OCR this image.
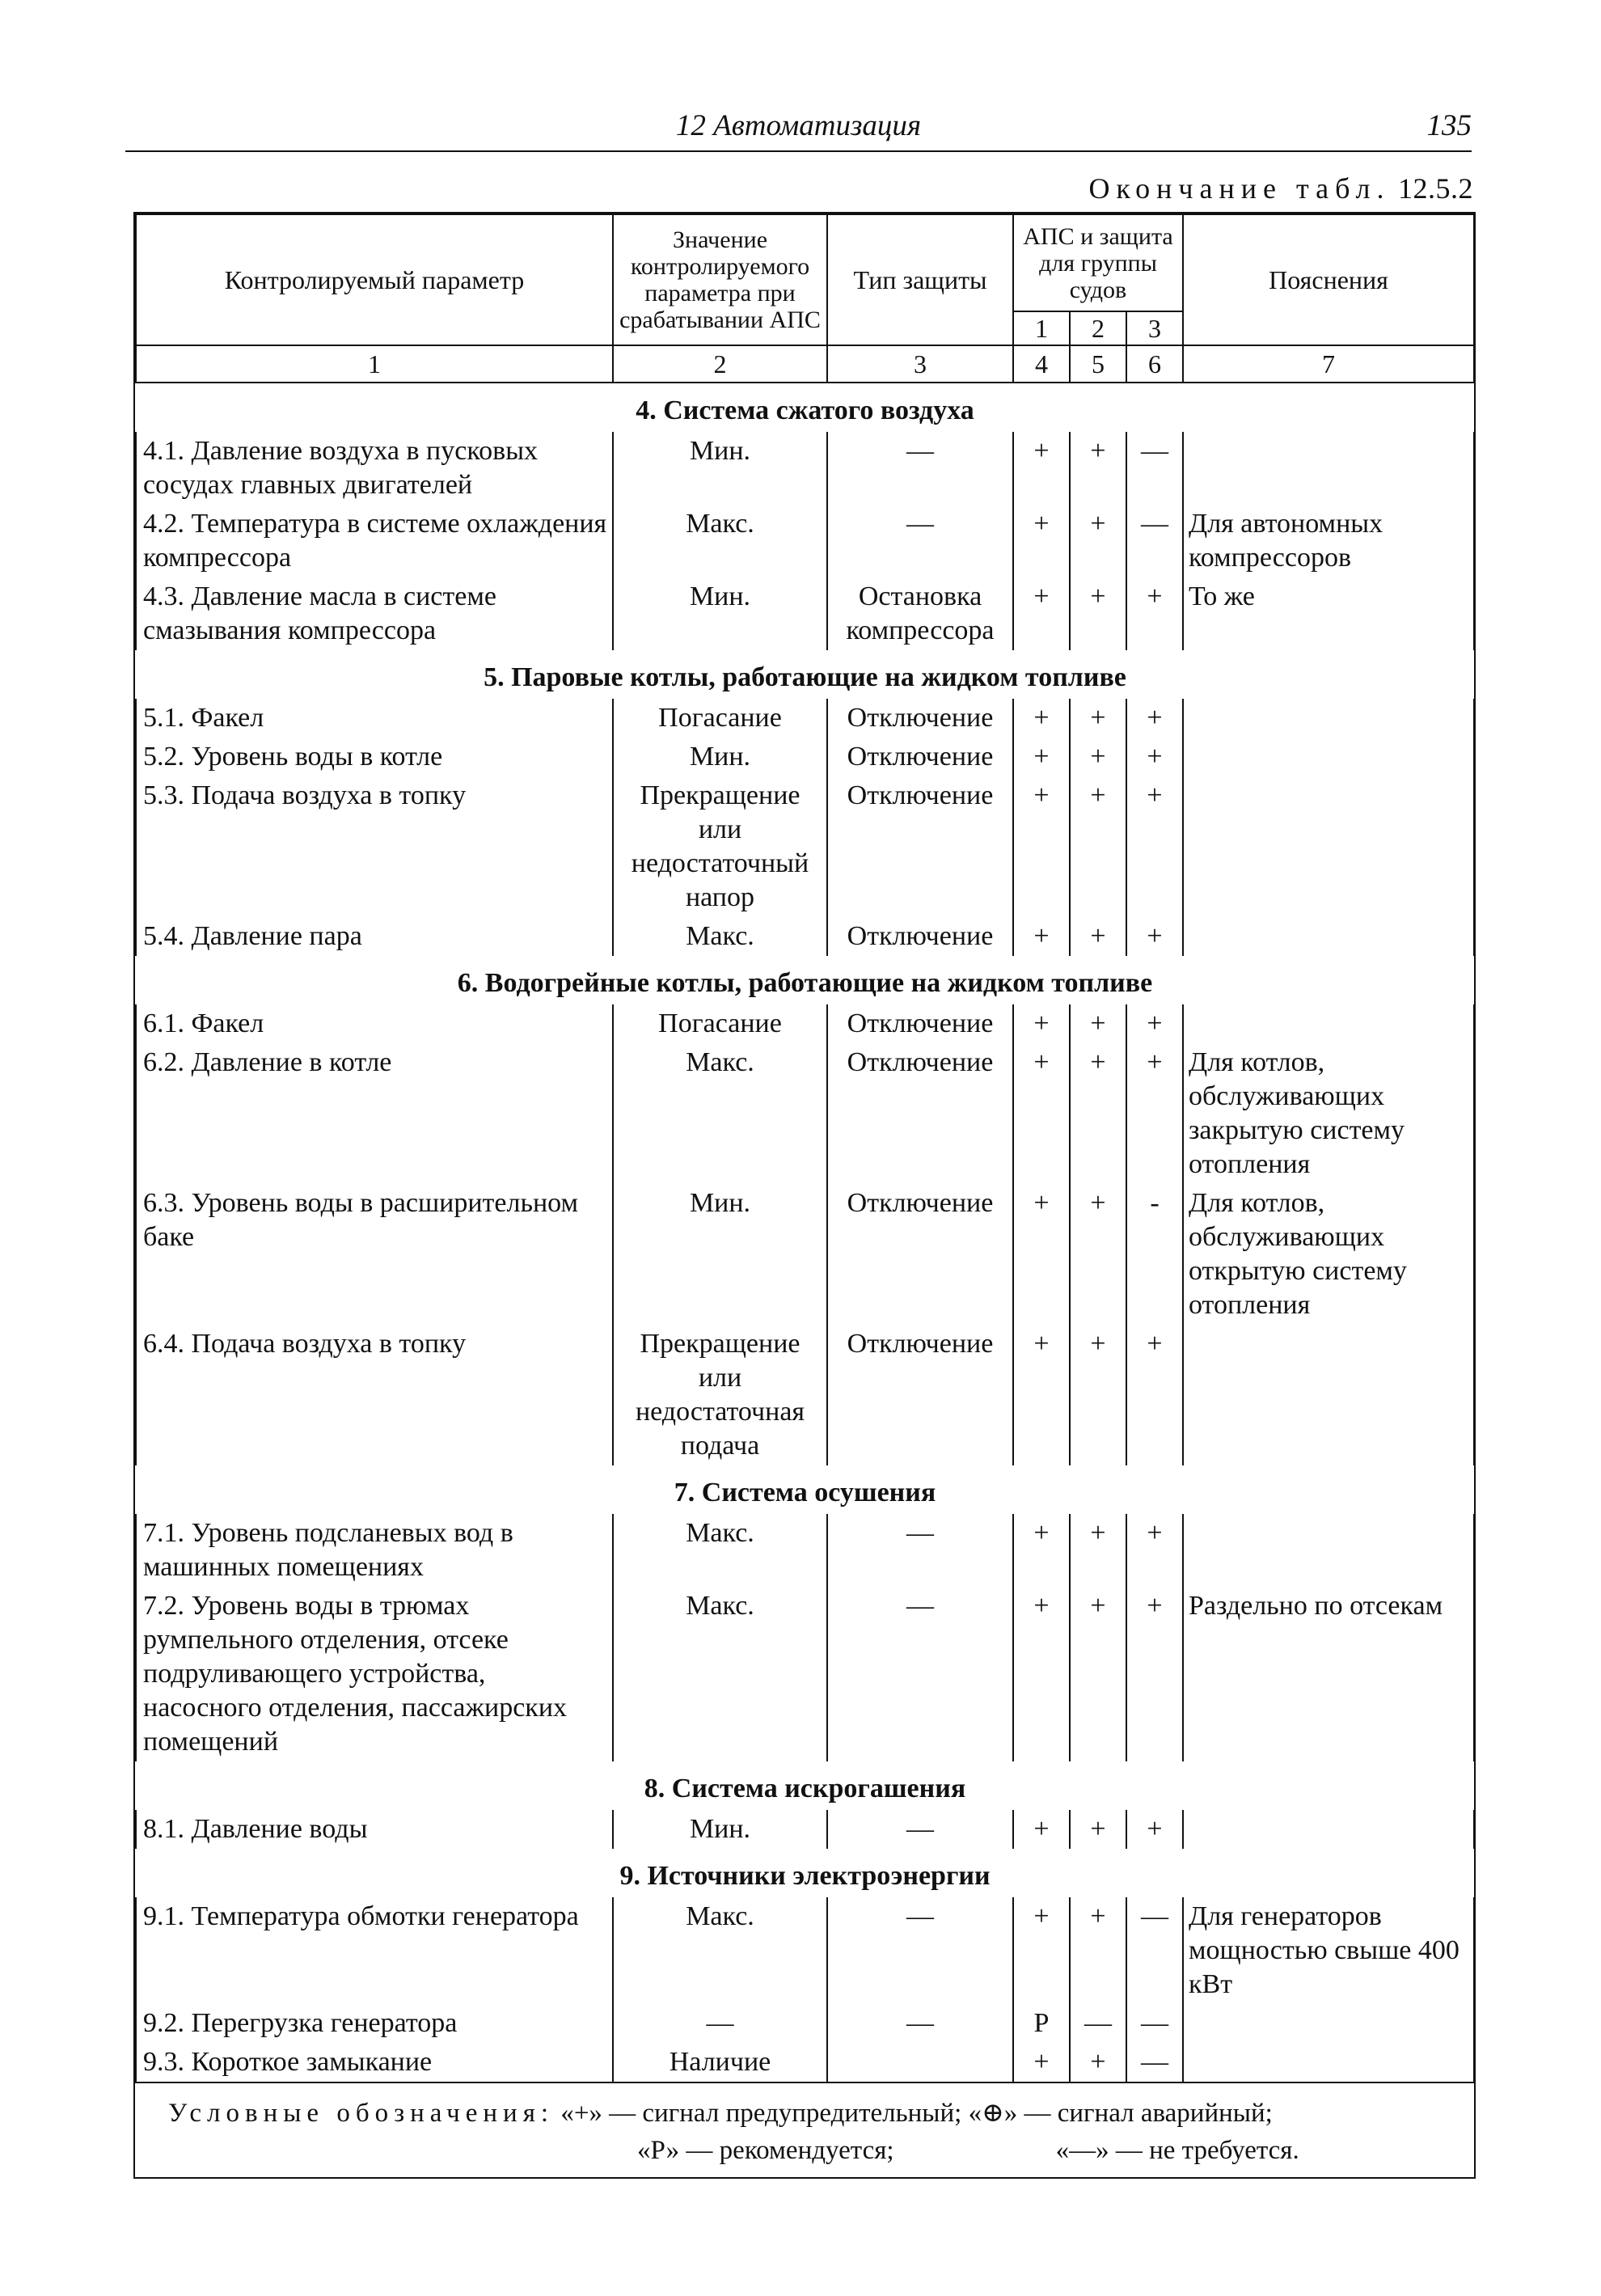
12 Автоматизация	135
Окончание табл. 12.5.2
Контролируемый параметр	Значение контролируемого параметра при срабатывании АПС	Тип защиты	АПС и защита для группы судов			Пояснения
			1	2	3	
1	2	3	4	5	6	7
4. Система сжатого воздуха						
4.1. Давление воздуха в пусковых сосудах главных двигателей	Мин.	—	+	+	—	
4.2. Температура в системе охлаждения компрессора	Макс.	—	+	+	—	Для автономных компрессоров
4.3. Давление масла в системе смазывания компрессора	Мин.	Остановка компрессора	+	+	+	То же
5. Паровые котлы, работающие на жидком топливе						
5.1. Факел	Погасание	Отключение	+	+	+	
5.2. Уровень воды в котле	Мин.	Отключение	+	+	+	
5.3. Подача воздуха в топку	Прекращение или недостаточный напор	Отключение	+	+	+	
5.4. Давление пара	Макс.	Отключение	+	+	+	
6. Водогрейные котлы, работающие на жидком топливе						
6.1. Факел	Погасание	Отключение	+	+	+	
6.2. Давление в котле	Макс.	Отключение	+	+	+	Для котлов, обслуживающих закрытую систему отопления
6.3. Уровень воды в расширительном баке	Мин.	Отключение	+	+	-	Для котлов, обслуживающих открытую систему отопления
6.4. Подача воздуха в топку	Прекращение или недостаточная подача	Отключение	+	+	+	
7. Система осушения						
7.1. Уровень подсланевых вод в машинных помещениях	Макс.	—	+	+	+	
7.2. Уровень воды в трюмах румпельного отделения, отсеке подруливающего устройства, насосного отделения, пассажирских помещений	Макс.	—	+	+	+	Раздельно по отсекам
8. Система искрогашения						
8.1. Давление воды	Мин.	—	+	+	+	
9. Источники электроэнергии						
9.1. Температура обмотки генератора	Макс.	—	+	+	—	Для генераторов мощностью свыше 400 кВт
9.2. Перегрузка генератора	—	—	Р	—	—	
9.3. Короткое замыкание	Наличие		+	+	—	

Условные обозначения: «+» — сигнал предупредительный; «⊕» — сигнал аварийный;
«Р» — рекомендуется; «—» — не требуется.						
